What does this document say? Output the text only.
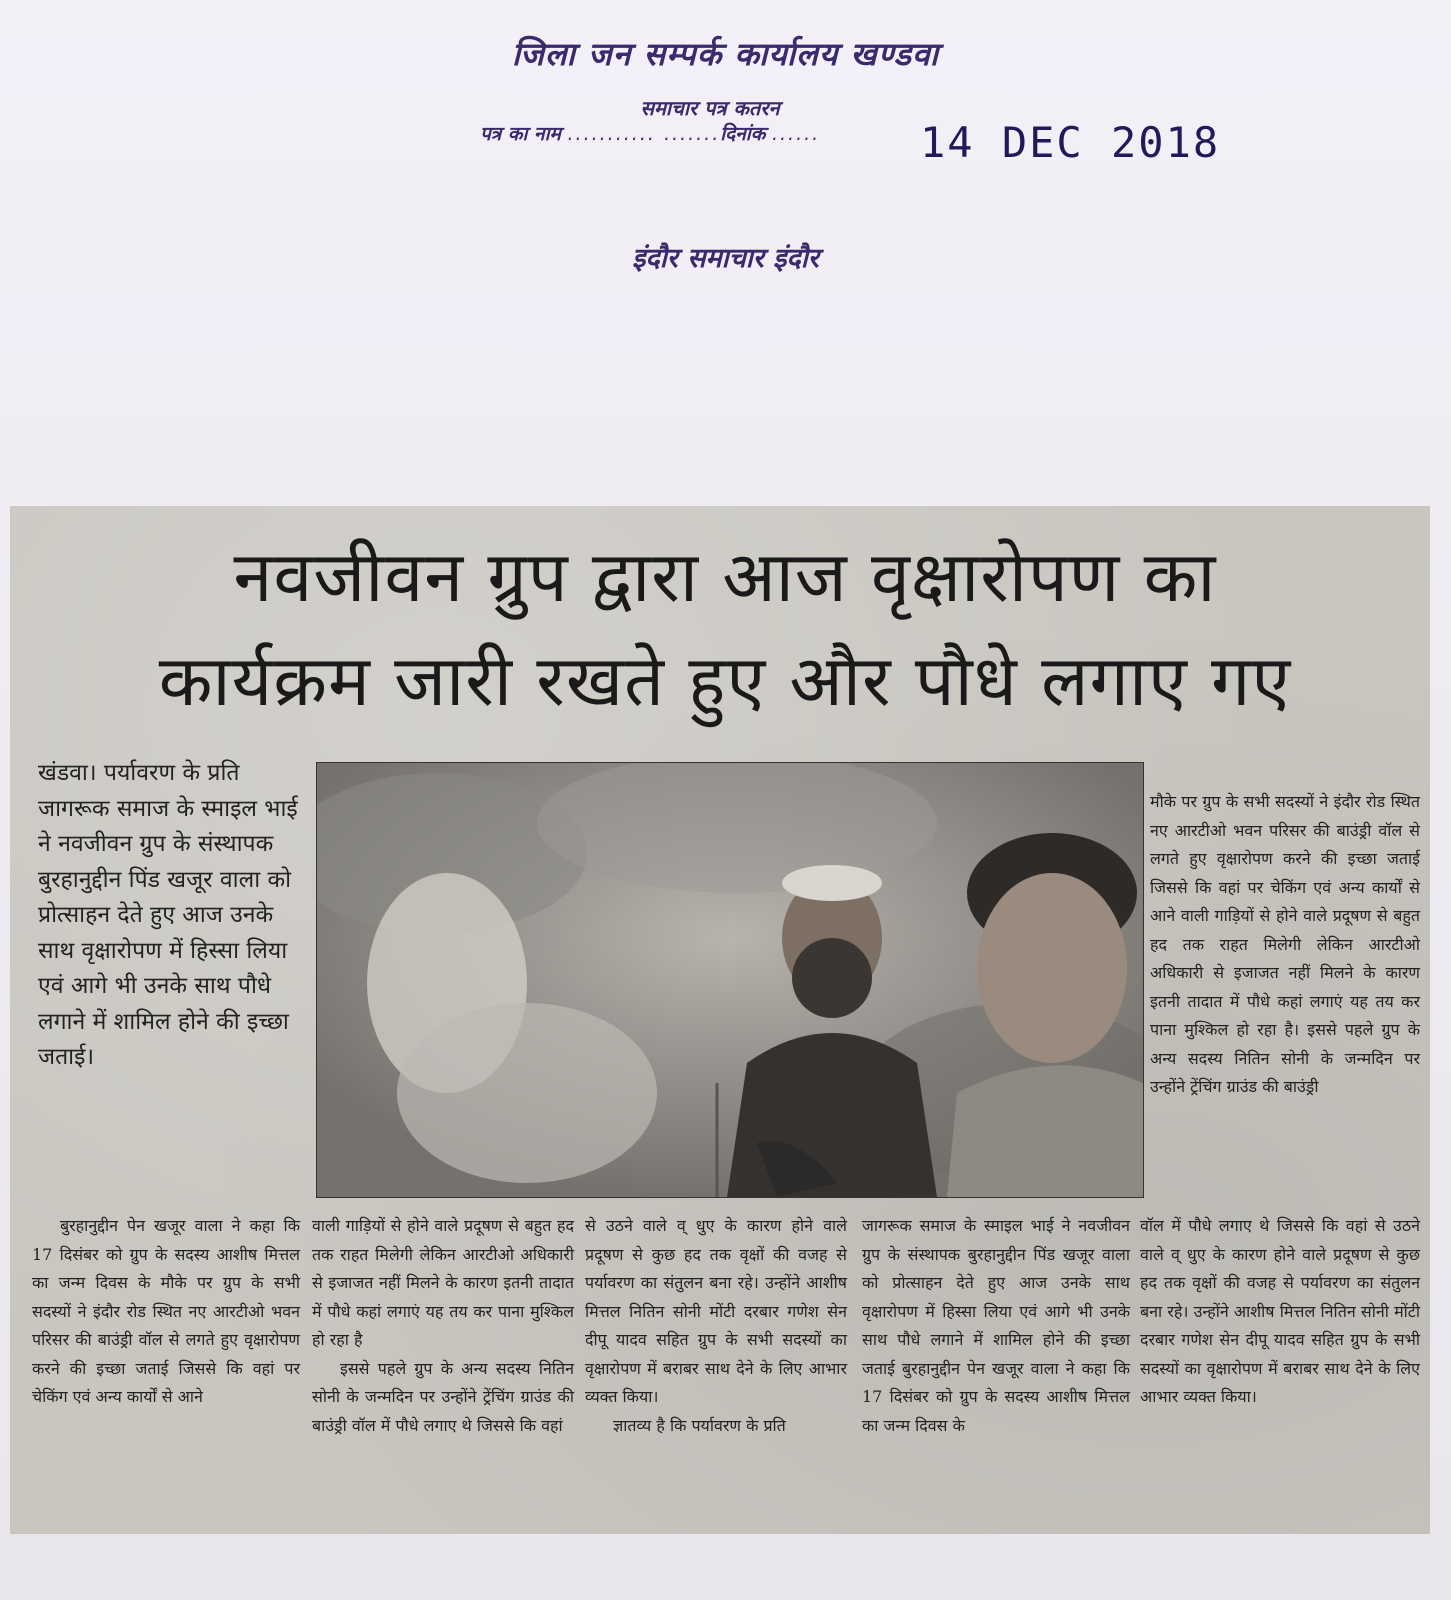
जिला जन सम्पर्क कार्यालय खण्डवा
समाचार पत्र कतरन
पत्र का नाम ........... .......दिनांक ...... 14 DEC 2018
इंदौर समाचार इंदौर
नवजीवन ग्रुप द्वारा आज वृक्षारोपण का
कार्यक्रम जारी रखते हुए और पौधे लगाए गए
खंडवा। पर्यावरण के प्रति जागरूक समाज के स्माइल भाई ने नवजीवन ग्रुप के संस्थापक बुरहानुद्दीन पिंड खजूर वाला को प्रोत्साहन देते हुए आज उनके साथ वृक्षारोपण में हिस्सा लिया एवं आगे भी उनके साथ पौधे लगाने में शामिल होने की इच्छा जताई।
मौके पर ग्रुप के सभी सदस्यों ने इंदौर रोड स्थित नए आरटीओ भवन परिसर की बाउंड्री वॉल से लगते हुए वृक्षारोपण करने की इच्छा जताई जिससे कि वहां पर चेकिंग एवं अन्य कार्यों से आने वाली गाड़ियों से होने वाले प्रदूषण से बहुत हद तक राहत मिलेगी लेकिन आरटीओ अधिकारी से इजाजत नहीं मिलने के कारण इतनी तादात में पौधे कहां लगाएं यह तय कर पाना मुश्किल हो रहा है। इससे पहले ग्रुप के अन्य सदस्य नितिन सोनी के जन्मदिन पर उन्होंने ट्रेंचिंग ग्राउंड की बाउंड्री

बुरहानुद्दीन पेन खजूर वाला ने कहा कि 17 दिसंबर को ग्रुप के सदस्य आशीष मित्तल का जन्म दिवस के मौके पर ग्रुप के सभी सदस्यों ने इंदौर रोड स्थित नए आरटीओ भवन परिसर की बाउंड्री वॉल से लगते हुए वृक्षारोपण करने की इच्छा जताई जिससे कि वहां पर चेकिंग एवं अन्य कार्यों से आने

वाली गाड़ियों से होने वाले प्रदूषण से बहुत हद तक राहत मिलेगी लेकिन आरटीओ अधिकारी से इजाजत नहीं मिलने के कारण इतनी तादात में पौधे कहां लगाएं यह तय कर पाना मुश्किल हो रहा है

इससे पहले ग्रुप के अन्य सदस्य नितिन सोनी के जन्मदिन पर उन्होंने ट्रेंचिंग ग्राउंड की बाउंड्री वॉल में पौधे लगाए थे जिससे कि वहां

से उठने वाले व् धुए के कारण होने वाले प्रदूषण से कुछ हद तक वृक्षों की वजह से पर्यावरण का संतुलन बना रहे। उन्होंने आशीष मित्तल नितिन सोनी मोंटी दरबार गणेश सेन दीपू यादव सहित ग्रुप के सभी सदस्यों का वृक्षारोपण में बराबर साथ देने के लिए आभार व्यक्त किया।

ज्ञातव्य है कि पर्यावरण के प्रति

जागरूक समाज के स्माइल भाई ने नवजीवन ग्रुप के संस्थापक बुरहानुद्दीन पिंड खजूर वाला को प्रोत्साहन देते हुए आज उनके साथ वृक्षारोपण में हिस्सा लिया एवं आगे भी उनके साथ पौधे लगाने में शामिल होने की इच्छा जताई बुरहानुद्दीन पेन खजूर वाला ने कहा कि 17 दिसंबर को ग्रुप के सदस्य आशीष मित्तल का जन्म दिवस के

वॉल में पौधे लगाए थे जिससे कि वहां से उठने वाले व् धुए के कारण होने वाले प्रदूषण से कुछ हद तक वृक्षों की वजह से पर्यावरण का संतुलन बना रहे। उन्होंने आशीष मित्तल नितिन सोनी मोंटी दरबार गणेश सेन दीपू यादव सहित ग्रुप के सभी सदस्यों का वृक्षारोपण में बराबर साथ देने के लिए आभार व्यक्त किया।
